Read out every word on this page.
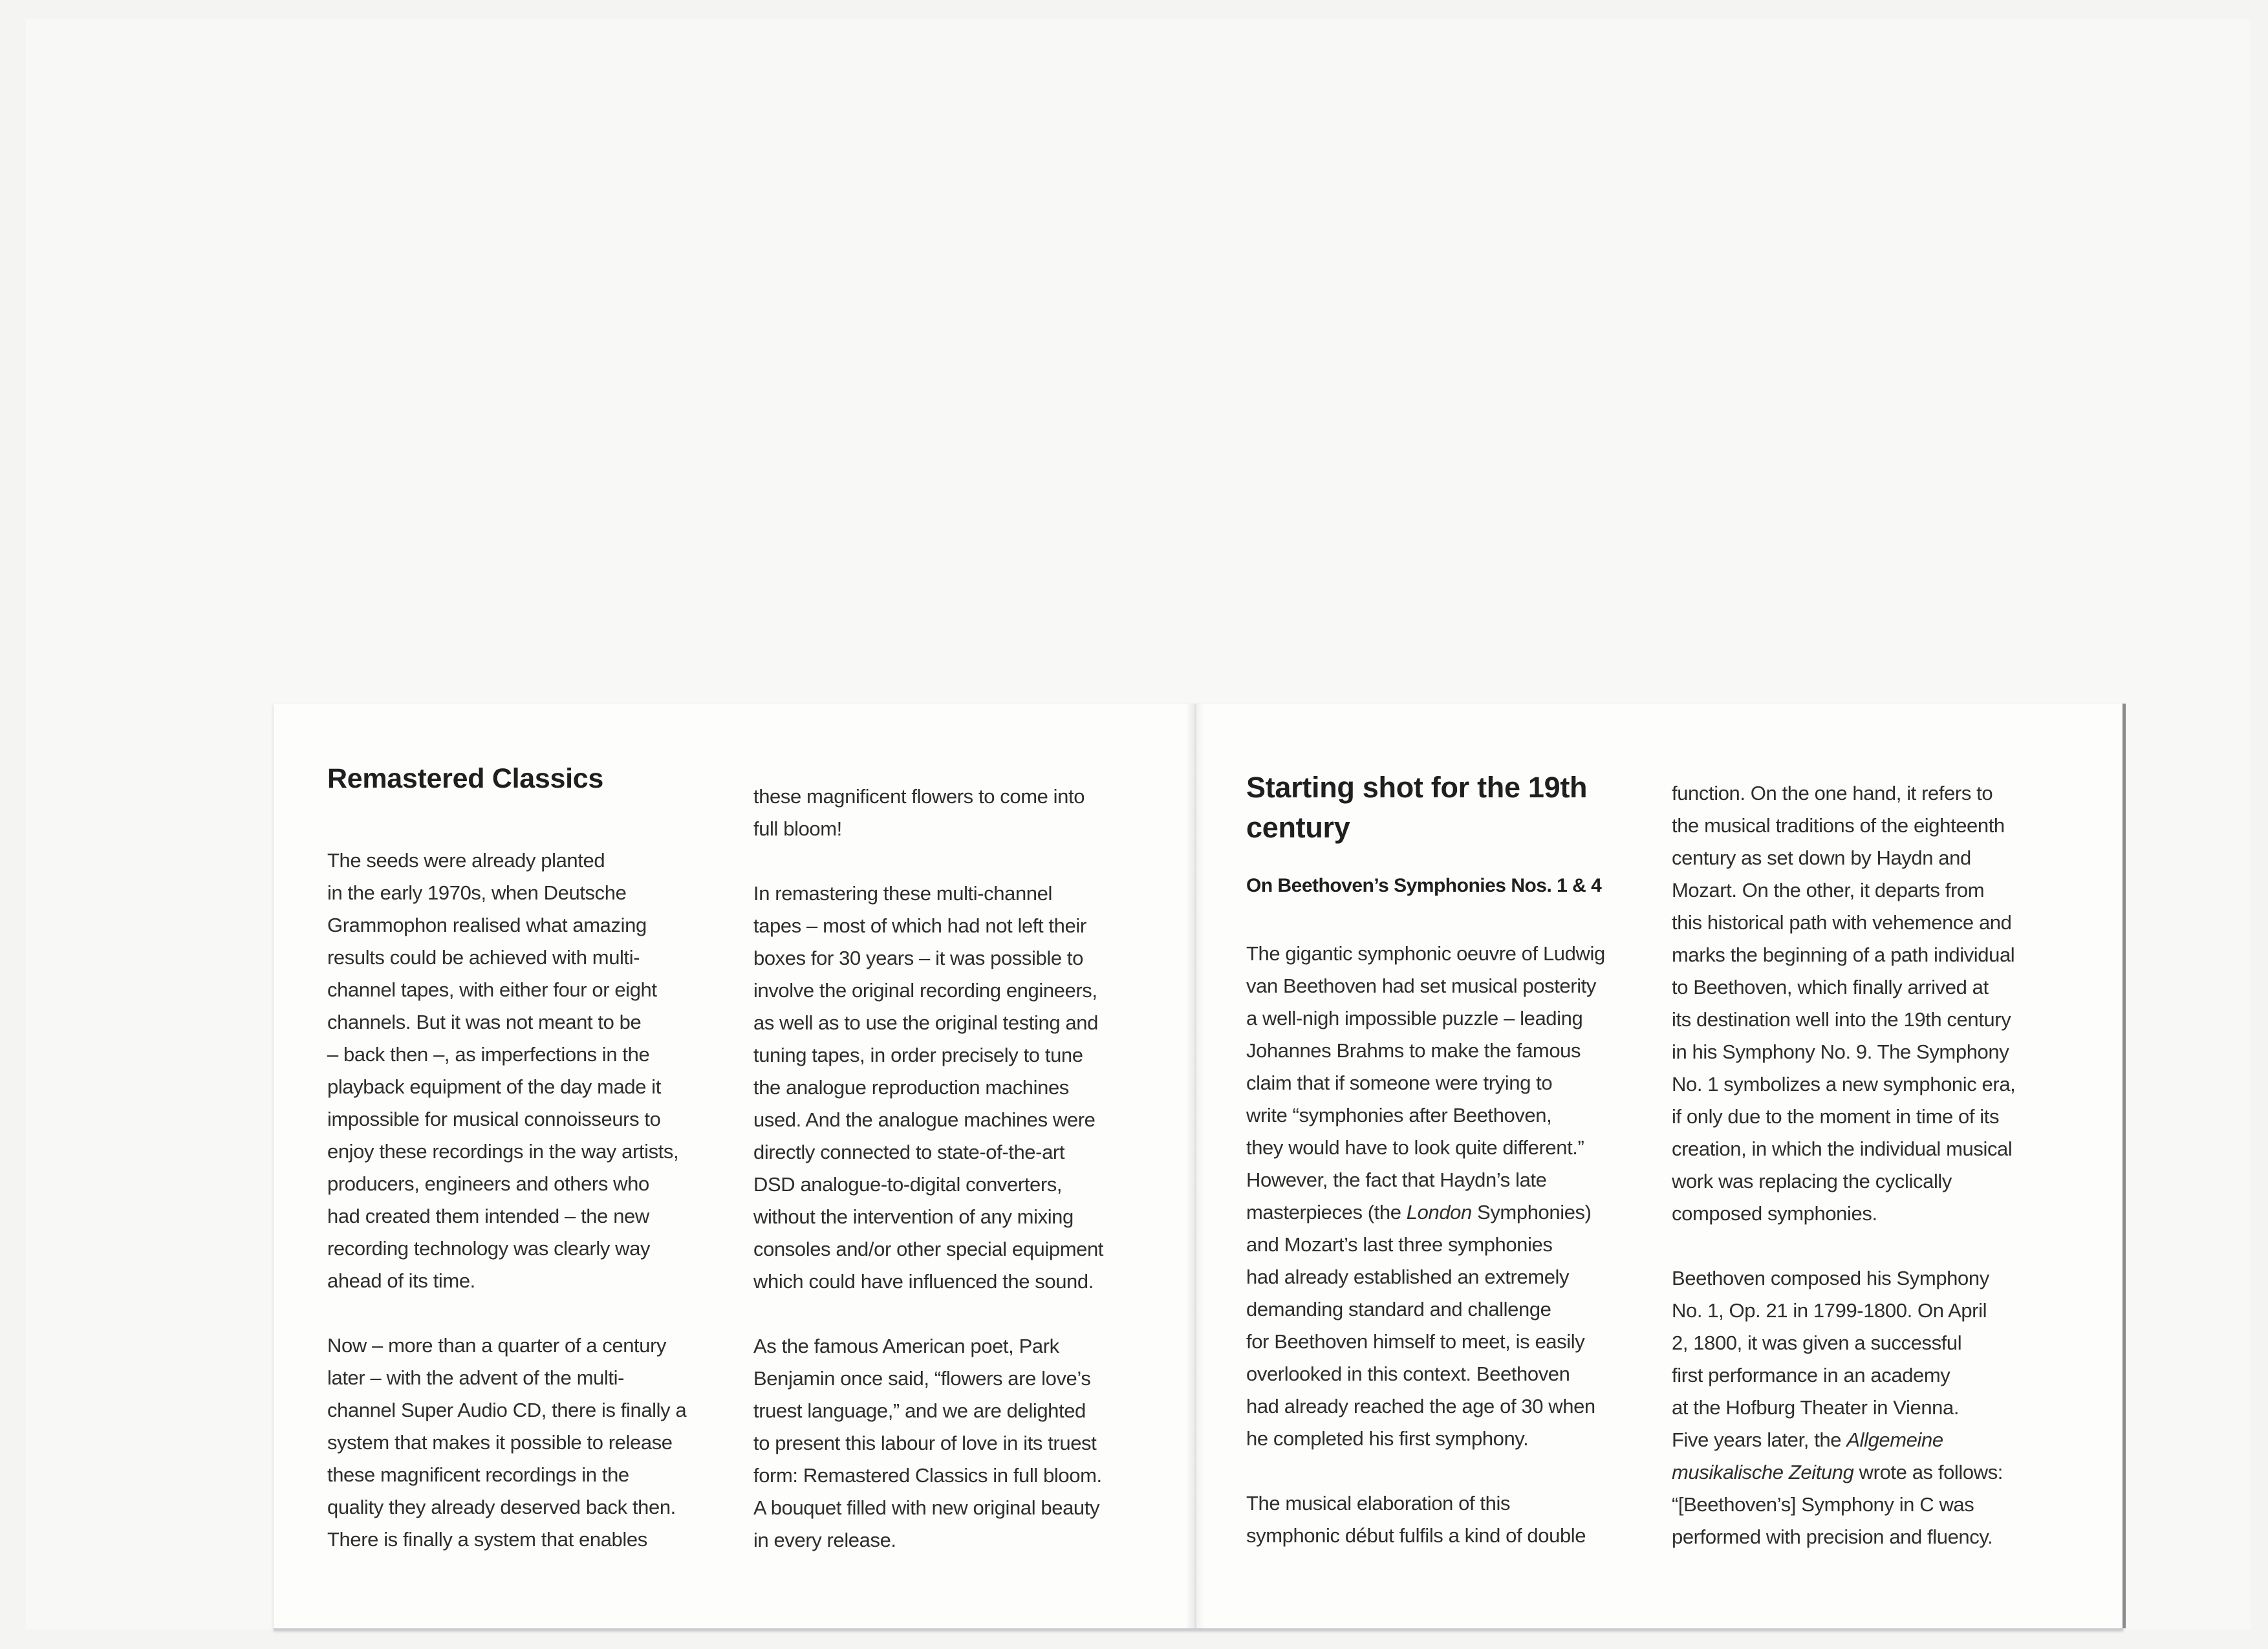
Remastered Classics
The seeds were already planted
in the early 1970s, when Deutsche
Grammophon realised what amazing
results could be achieved with multi-
channel tapes, with either four or eight
channels. But it was not meant to be
– back then –, as imperfections in the
playback equipment of the day made it
impossible for musical connoisseurs to
enjoy these recordings in the way artists,
producers, engineers and others who
had created them intended – the new
recording technology was clearly way
ahead of its time.
Now – more than a quarter of a century
later – with the advent of the multi-
channel Super Audio CD, there is finally a
system that makes it possible to release
these magnificent recordings in the
quality they already deserved back then.
There is finally a system that enables
these magnificent flowers to come into
full bloom!
In remastering these multi-channel
tapes – most of which had not left their
boxes for 30 years – it was possible to
involve the original recording engineers,
as well as to use the original testing and
tuning tapes, in order precisely to tune
the analogue reproduction machines
used. And the analogue machines were
directly connected to state-of-the-art
DSD analogue-to-digital converters,
without the intervention of any mixing
consoles and/or other special equipment
which could have influenced the sound.
As the famous American poet, Park
Benjamin once said, “flowers are love’s
truest language,” and we are delighted
to present this labour of love in its truest
form: Remastered Classics in full bloom.
A bouquet filled with new original beauty
in every release.
Starting shot for the 19th
century
On Beethoven’s Symphonies Nos. 1 & 4
The gigantic symphonic oeuvre of Ludwig
van Beethoven had set musical posterity
a well-nigh impossible puzzle – leading
Johannes Brahms to make the famous
claim that if someone were trying to
write “symphonies after Beethoven,
they would have to look quite different.”
However, the fact that Haydn’s late
masterpieces (the London Symphonies)
and Mozart’s last three symphonies
had already established an extremely
demanding standard and challenge
for Beethoven himself to meet, is easily
overlooked in this context. Beethoven
had already reached the age of 30 when
he completed his first symphony.
The musical elaboration of this
symphonic début fulfils a kind of double
function. On the one hand, it refers to
the musical traditions of the eighteenth
century as set down by Haydn and
Mozart. On the other, it departs from
this historical path with vehemence and
marks the beginning of a path individual
to Beethoven, which finally arrived at
its destination well into the 19th century
in his Symphony No. 9. The Symphony
No. 1 symbolizes a new symphonic era,
if only due to the moment in time of its
creation, in which the individual musical
work was replacing the cyclically
composed symphonies.
Beethoven composed his Symphony
No. 1, Op. 21 in 1799-1800. On April
2, 1800, it was given a successful
first performance in an academy
at the Hofburg Theater in Vienna.
Five years later, the Allgemeine
musikalische Zeitung wrote as follows:
“[Beethoven’s] Symphony in C was
performed with precision and fluency.
